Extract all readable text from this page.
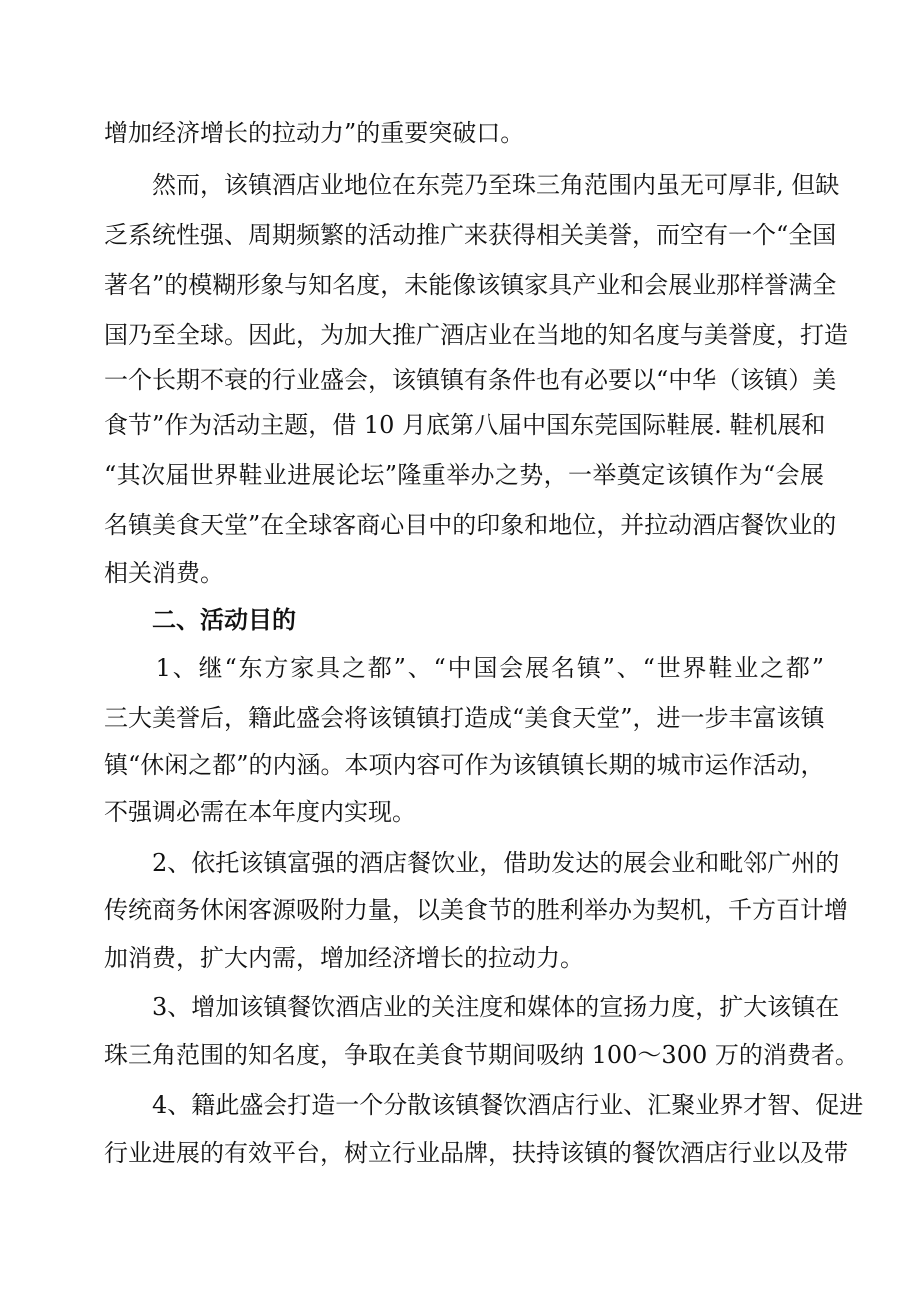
增加经济增长的拉动力”的重要突破口。
　　然而，该镇酒店业地位在东莞乃至珠三角范围内虽无可厚非, 但缺
乏系统性强、周期频繁的活动推广来获得相关美誉，而空有一个“全国
著名”的模糊形象与知名度，未能像该镇家具产业和会展业那样誉满全
国乃至全球。因此，为加大推广酒店业在当地的知名度与美誉度，打造
一个长期不衰的行业盛会，该镇镇有条件也有必要以“中华（该镇）美
食节”作为活动主题，借 10 月底第八届中国东莞国际鞋展. 鞋机展和
“其次届世界鞋业进展论坛”隆重举办之势，一举奠定该镇作为“会展
名镇美食天堂”在全球客商心目中的印象和地位，并拉动酒店餐饮业的
相关消费。
　　二、活动目的
　　1、继“东方家具之都”、“中国会展名镇”、“世界鞋业之都”
三大美誉后，籍此盛会将该镇镇打造成“美食天堂”，进一步丰富该镇
镇“休闲之都”的内涵。本项内容可作为该镇镇长期的城市运作活动，
不强调必需在本年度内实现。
　　2、依托该镇富强的酒店餐饮业，借助发达的展会业和毗邻广州的
传统商务休闲客源吸附力量，以美食节的胜利举办为契机，千方百计增
加消费，扩大内需，增加经济增长的拉动力。
　　3、增加该镇餐饮酒店业的关注度和媒体的宣扬力度，扩大该镇在
珠三角范围的知名度，争取在美食节期间吸纳 100～300 万的消费者。
　　4、籍此盛会打造一个分散该镇餐饮酒店行业、汇聚业界才智、促进
行业进展的有效平台，树立行业品牌，扶持该镇的餐饮酒店行业以及带
